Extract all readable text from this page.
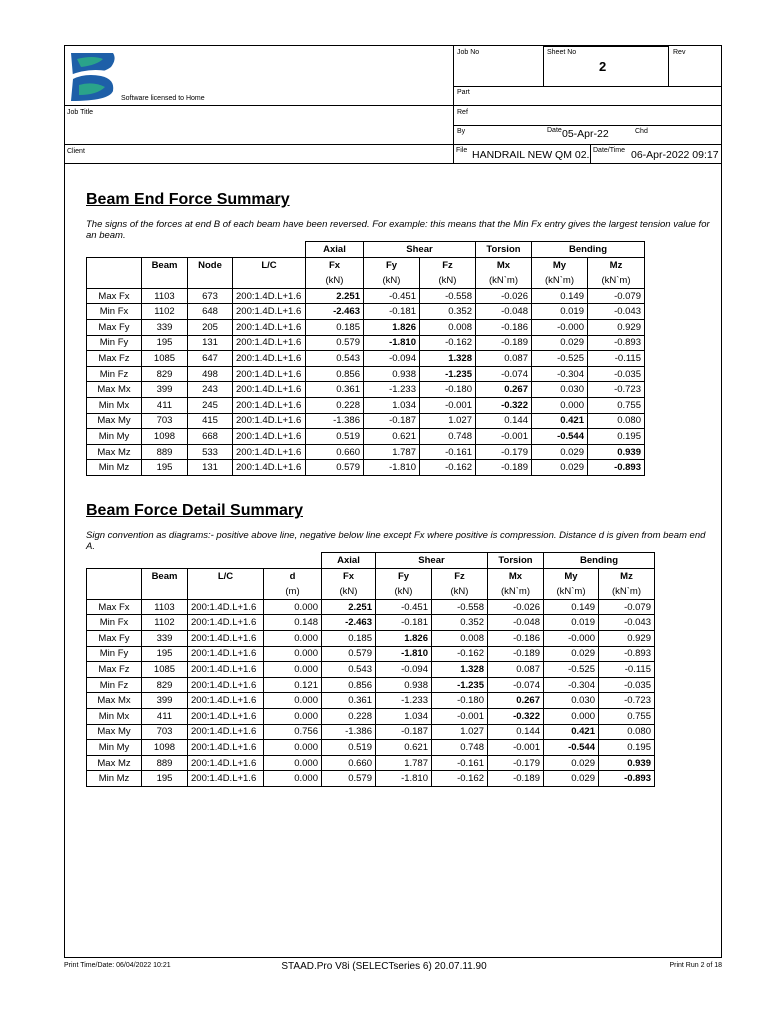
Software licensed to Home
Job No	Sheet No
2
Rev
Part
Job Title	Ref
By	Date 05-Apr-22	Chd
Client	File HANDRAIL NEW QM 02. Date/Time 06-Apr-2022 09:17
Beam End Force Summary
The signs of the forces at end B of each beam have been reversed. For example: this means that the Min Fx entry gives the largest tension value for an beam.
				Axial	Shear		Torsion	Bending	
	Beam	Node	L/C	Fx	Fy	Fz	Mx	My	Mz
				(kN)	(kN)	(kN)	(kN`m)	(kN`m)	(kN`m)
Max Fx	1103	673	200:1.4D.L+1.6	2.251	-0.451	-0.558	-0.026	0.149	-0.079
Min Fx	1102	648	200:1.4D.L+1.6	-2.463	-0.181	0.352	-0.048	0.019	-0.043
Max Fy	339	205	200:1.4D.L+1.6	0.185	1.826	0.008	-0.186	-0.000	0.929
Min Fy	195	131	200:1.4D.L+1.6	0.579	-1.810	-0.162	-0.189	0.029	-0.893
Max Fz	1085	647	200:1.4D.L+1.6	0.543	-0.094	1.328	0.087	-0.525	-0.115
Min Fz	829	498	200:1.4D.L+1.6	0.856	0.938	-1.235	-0.074	-0.304	-0.035
Max Mx	399	243	200:1.4D.L+1.6	0.361	-1.233	-0.180	0.267	0.030	-0.723
Min Mx	411	245	200:1.4D.L+1.6	0.228	1.034	-0.001	-0.322	0.000	0.755
Max My	703	415	200:1.4D.L+1.6	-1.386	-0.187	1.027	0.144	0.421	0.080
Min My	1098	668	200:1.4D.L+1.6	0.519	0.621	0.748	-0.001	-0.544	0.195
Max Mz	889	533	200:1.4D.L+1.6	0.660	1.787	-0.161	-0.179	0.029	0.939
Min Mz	195	131	200:1.4D.L+1.6	0.579	-1.810	-0.162	-0.189	0.029	-0.893
Beam Force Detail Summary
Sign convention as diagrams:- positive above line, negative below line except Fx where positive is compression. Distance d is given from beam end A.
				Axial	Shear		Torsion	Bending	
	Beam	L/C	d	Fx	Fy	Fz	Mx	My	Mz
			(m)	(kN)	(kN)	(kN)	(kN`m)	(kN`m)	(kN`m)
Max Fx	1103	200:1.4D.L+1.6	0.000	2.251	-0.451	-0.558	-0.026	0.149	-0.079
Min Fx	1102	200:1.4D.L+1.6	0.148	-2.463	-0.181	0.352	-0.048	0.019	-0.043
Max Fy	339	200:1.4D.L+1.6	0.000	0.185	1.826	0.008	-0.186	-0.000	0.929
Min Fy	195	200:1.4D.L+1.6	0.000	0.579	-1.810	-0.162	-0.189	0.029	-0.893
Max Fz	1085	200:1.4D.L+1.6	0.000	0.543	-0.094	1.328	0.087	-0.525	-0.115
Min Fz	829	200:1.4D.L+1.6	0.121	0.856	0.938	-1.235	-0.074	-0.304	-0.035
Max Mx	399	200:1.4D.L+1.6	0.000	0.361	-1.233	-0.180	0.267	0.030	-0.723
Min Mx	411	200:1.4D.L+1.6	0.000	0.228	1.034	-0.001	-0.322	0.000	0.755
Max My	703	200:1.4D.L+1.6	0.756	-1.386	-0.187	1.027	0.144	0.421	0.080
Min My	1098	200:1.4D.L+1.6	0.000	0.519	0.621	0.748	-0.001	-0.544	0.195
Max Mz	889	200:1.4D.L+1.6	0.000	0.660	1.787	-0.161	-0.179	0.029	0.939
Min Mz	195	200:1.4D.L+1.6	0.000	0.579	-1.810	-0.162	-0.189	0.029	-0.893
Print Time/Date: 06/04/2022 10:21	STAAD.Pro V8i (SELECTseries 6) 20.07.11.90	Print Run 2 of 18
